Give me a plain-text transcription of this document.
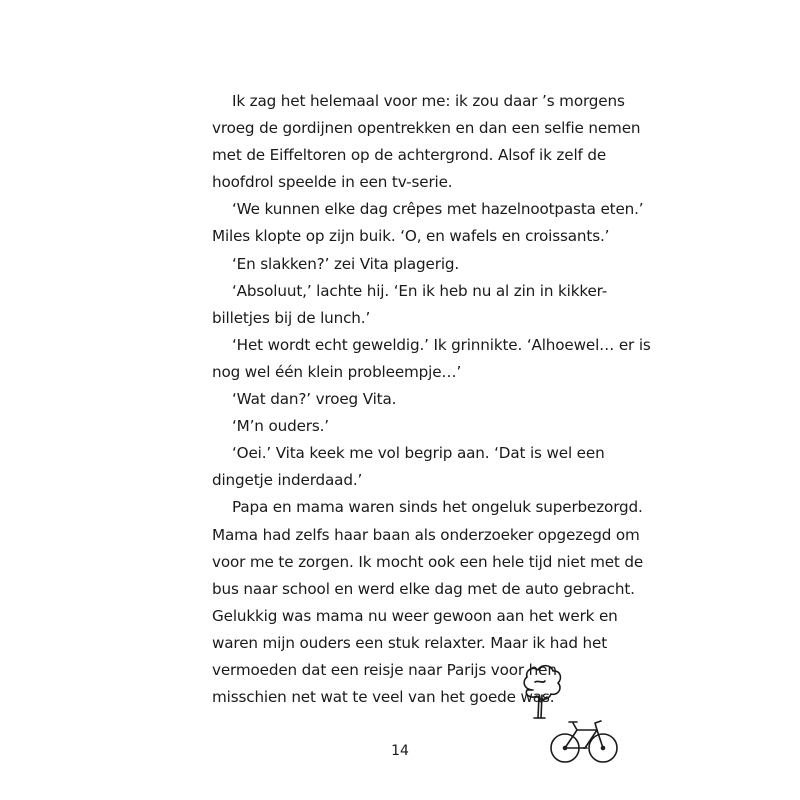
Ik zag het helemaal voor me: ik zou daar ’s morgens
vroeg de gordijnen opentrekken en dan een selfie nemen
met de Eiffeltoren op de achtergrond. Alsof ik zelf de
hoofdrol speelde in een tv-serie.
‘We kunnen elke dag crêpes met hazelnootpasta eten.’
Miles klopte op zijn buik. ‘O, en wafels en croissants.’
‘En slakken?’ zei Vita plagerig.
‘Absoluut,’ lachte hij. ‘En ik heb nu al zin in kikker-
billetjes bij de lunch.’
‘Het wordt echt geweldig.’ Ik grinnikte. ‘Alhoewel… er is
nog wel één klein probleempje…’
‘Wat dan?’ vroeg Vita.
‘M’n ouders.’
‘Oei.’ Vita keek me vol begrip aan. ‘Dat is wel een
dingetje inderdaad.’
Papa en mama waren sinds het ongeluk superbezorgd.
Mama had zelfs haar baan als onderzoeker opgezegd om
voor me te zorgen. Ik mocht ook een hele tijd niet met de
bus naar school en werd elke dag met de auto gebracht.
Gelukkig was mama nu weer gewoon aan het werk en
waren mijn ouders een stuk relaxter. Maar ik had het
vermoeden dat een reisje naar Parijs voor hen
misschien net wat te veel van het goede was.
14
